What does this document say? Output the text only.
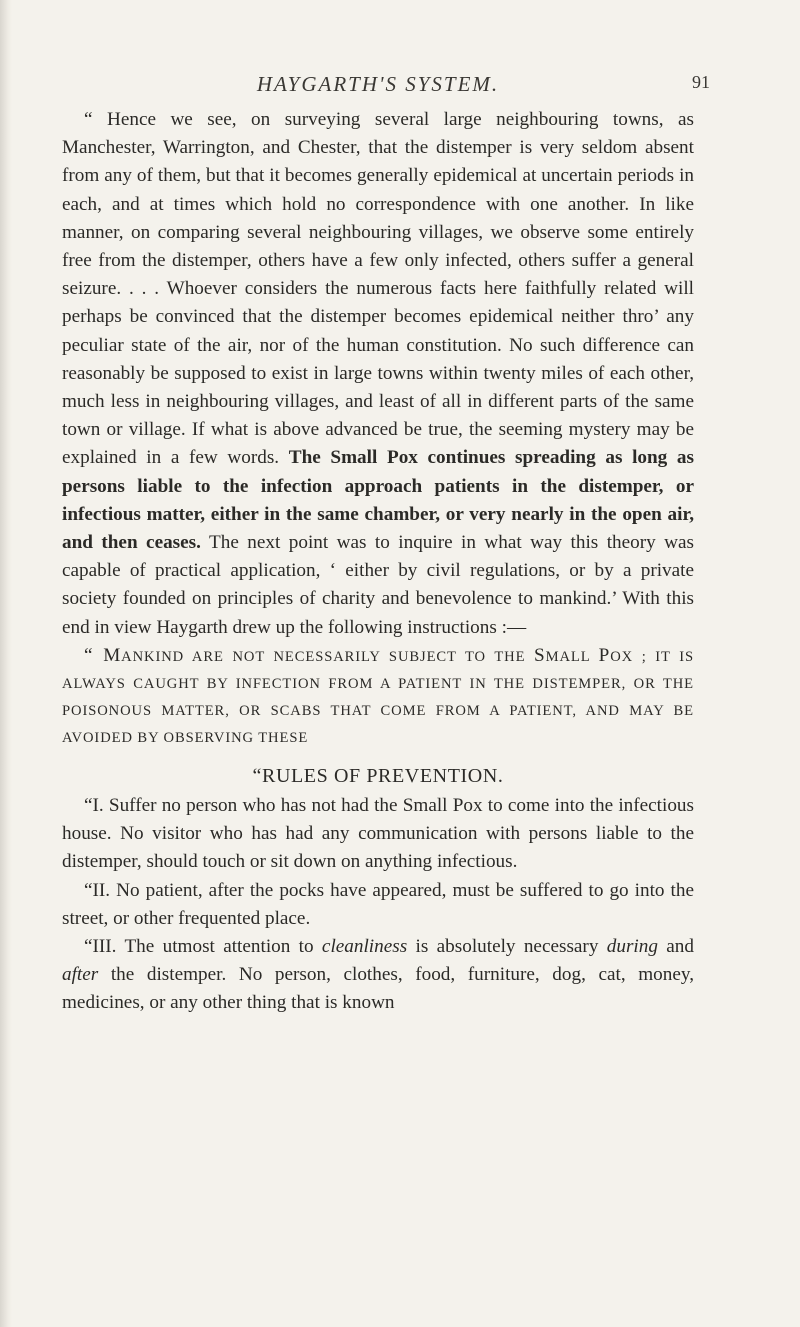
HAYGARTH'S SYSTEM.	91

“ Hence we see, on surveying several large neighbouring towns, as Manchester, Warrington, and Chester, that the distemper is very seldom absent from any of them, but that it becomes generally epidemical at uncertain periods in each, and at times which hold no correspondence with one another. In like manner, on comparing several neighbouring villages, we observe some entirely free from the distemper, others have a few only infected, others suffer a general seizure. . . . Whoever considers the numerous facts here faithfully related will perhaps be convinced that the distemper becomes epidemical neither thro’ any peculiar state of the air, nor of the human constitution. No such difference can reasonably be supposed to exist in large towns within twenty miles of each other, much less in neighbouring villages, and least of all in different parts of the same town or village. If what is above advanced be true, the seeming mystery may be explained in a few words. The Small Pox continues spreading as long as persons liable to the infection approach patients in the distemper, or infectious matter, either in the same chamber, or very nearly in the open air, and then ceases. The next point was to inquire in what way this theory was capable of practical application, ‘ either by civil regulations, or by a private society founded on principles of charity and benevolence to mankind.’ With this end in view Haygarth drew up the following instructions :—

“ MANKIND ARE NOT NECESSARILY SUBJECT TO THE SMALL POX ; IT IS ALWAYS CAUGHT BY INFECTION FROM A PATIENT IN THE DISTEMPER, OR THE POISONOUS MATTER, OR SCABS THAT COME FROM A PATIENT, AND MAY BE AVOIDED BY OBSERVING THESE

“RULES OF PREVENTION.

“I. Suffer no person who has not had the Small Pox to come into the infectious house. No visitor who has had any communication with persons liable to the distemper, should touch or sit down on anything infectious.

“II. No patient, after the pocks have appeared, must be suffered to go into the street, or other frequented place.

“III. The utmost attention to cleanliness is absolutely necessary during and after the distemper. No person, clothes, food, furniture, dog, cat, money, medicines, or any other thing that is known
